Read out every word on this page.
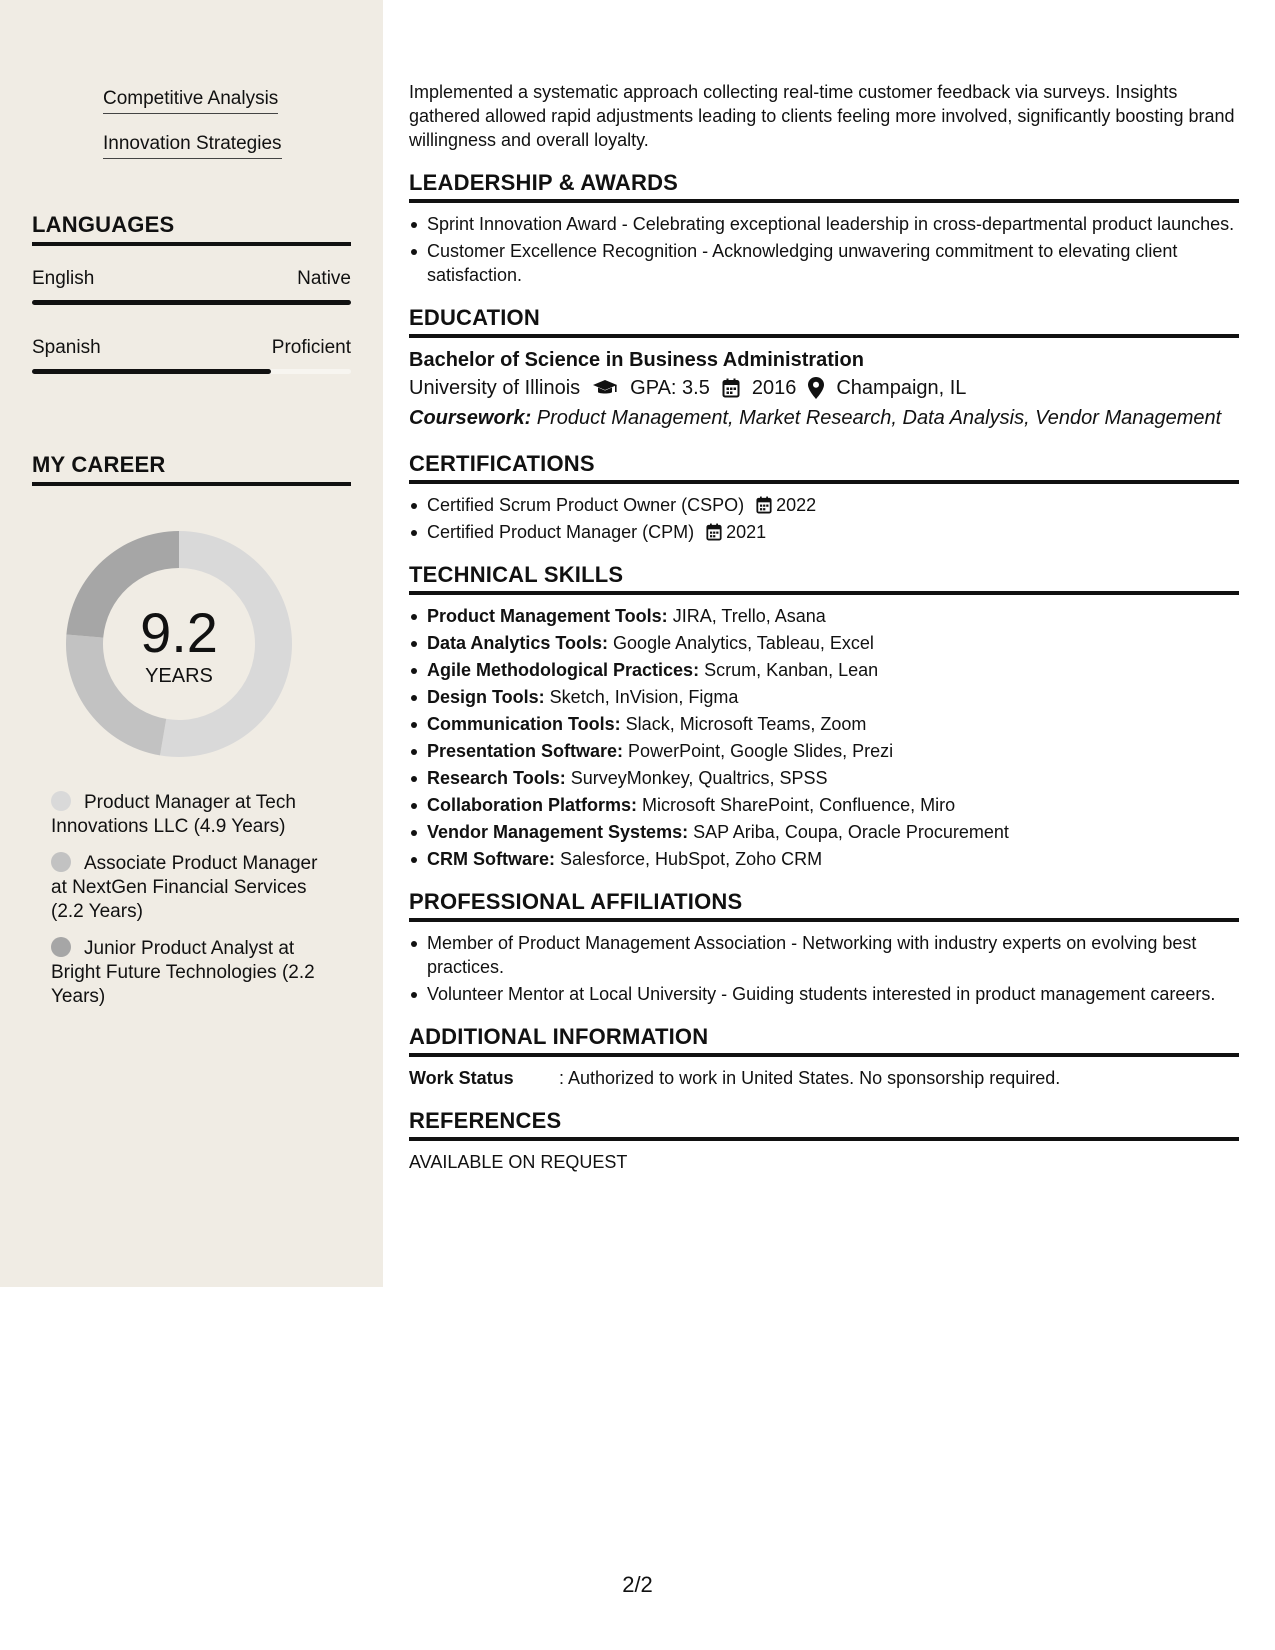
Competitive Analysis
Innovation Strategies
LANGUAGES
English	Native
Spanish	Proficient
MY CAREER
9.2
YEARS
Product Manager at Tech Innovations LLC (4.9 Years)
Associate Product Manager at NextGen Financial Services (2.2 Years)
Junior Product Analyst at Bright Future Technologies (2.2 Years)

Implemented a systematic approach collecting real-time customer feedback via surveys. Insights gathered allowed rapid adjustments leading to clients feeling more involved, significantly boosting brand willingness and overall loyalty.

LEADERSHIP & AWARDS
Sprint Innovation Award - Celebrating exceptional leadership in cross-departmental product launches.
Customer Excellence Recognition - Acknowledging unwavering commitment to elevating client satisfaction.
EDUCATION
Bachelor of Science in Business Administration
University of Illinois	GPA: 3.5 2016 Champaign, IL
Coursework: Product Management, Market Research, Data Analysis, Vendor Management
CERTIFICATIONS
Certified Scrum Product Owner (CSPO) 2022
Certified Product Manager (CPM) 2021
TECHNICAL SKILLS
Product Management Tools: JIRA, Trello, Asana
Data Analytics Tools: Google Analytics, Tableau, Excel
Agile Methodological Practices: Scrum, Kanban, Lean
Design Tools: Sketch, InVision, Figma
Communication Tools: Slack, Microsoft Teams, Zoom
Presentation Software: PowerPoint, Google Slides, Prezi
Research Tools: SurveyMonkey, Qualtrics, SPSS
Collaboration Platforms: Microsoft SharePoint, Confluence, Miro
Vendor Management Systems: SAP Ariba, Coupa, Oracle Procurement
CRM Software: Salesforce, HubSpot, Zoho CRM
PROFESSIONAL AFFILIATIONS
Member of Product Management Association - Networking with industry experts on evolving best practices.
Volunteer Mentor at Local University - Guiding students interested in product management careers.
ADDITIONAL INFORMATION
Work Status	: Authorized to work in United States. No sponsorship required.
REFERENCES
AVAILABLE ON REQUEST
2/2
